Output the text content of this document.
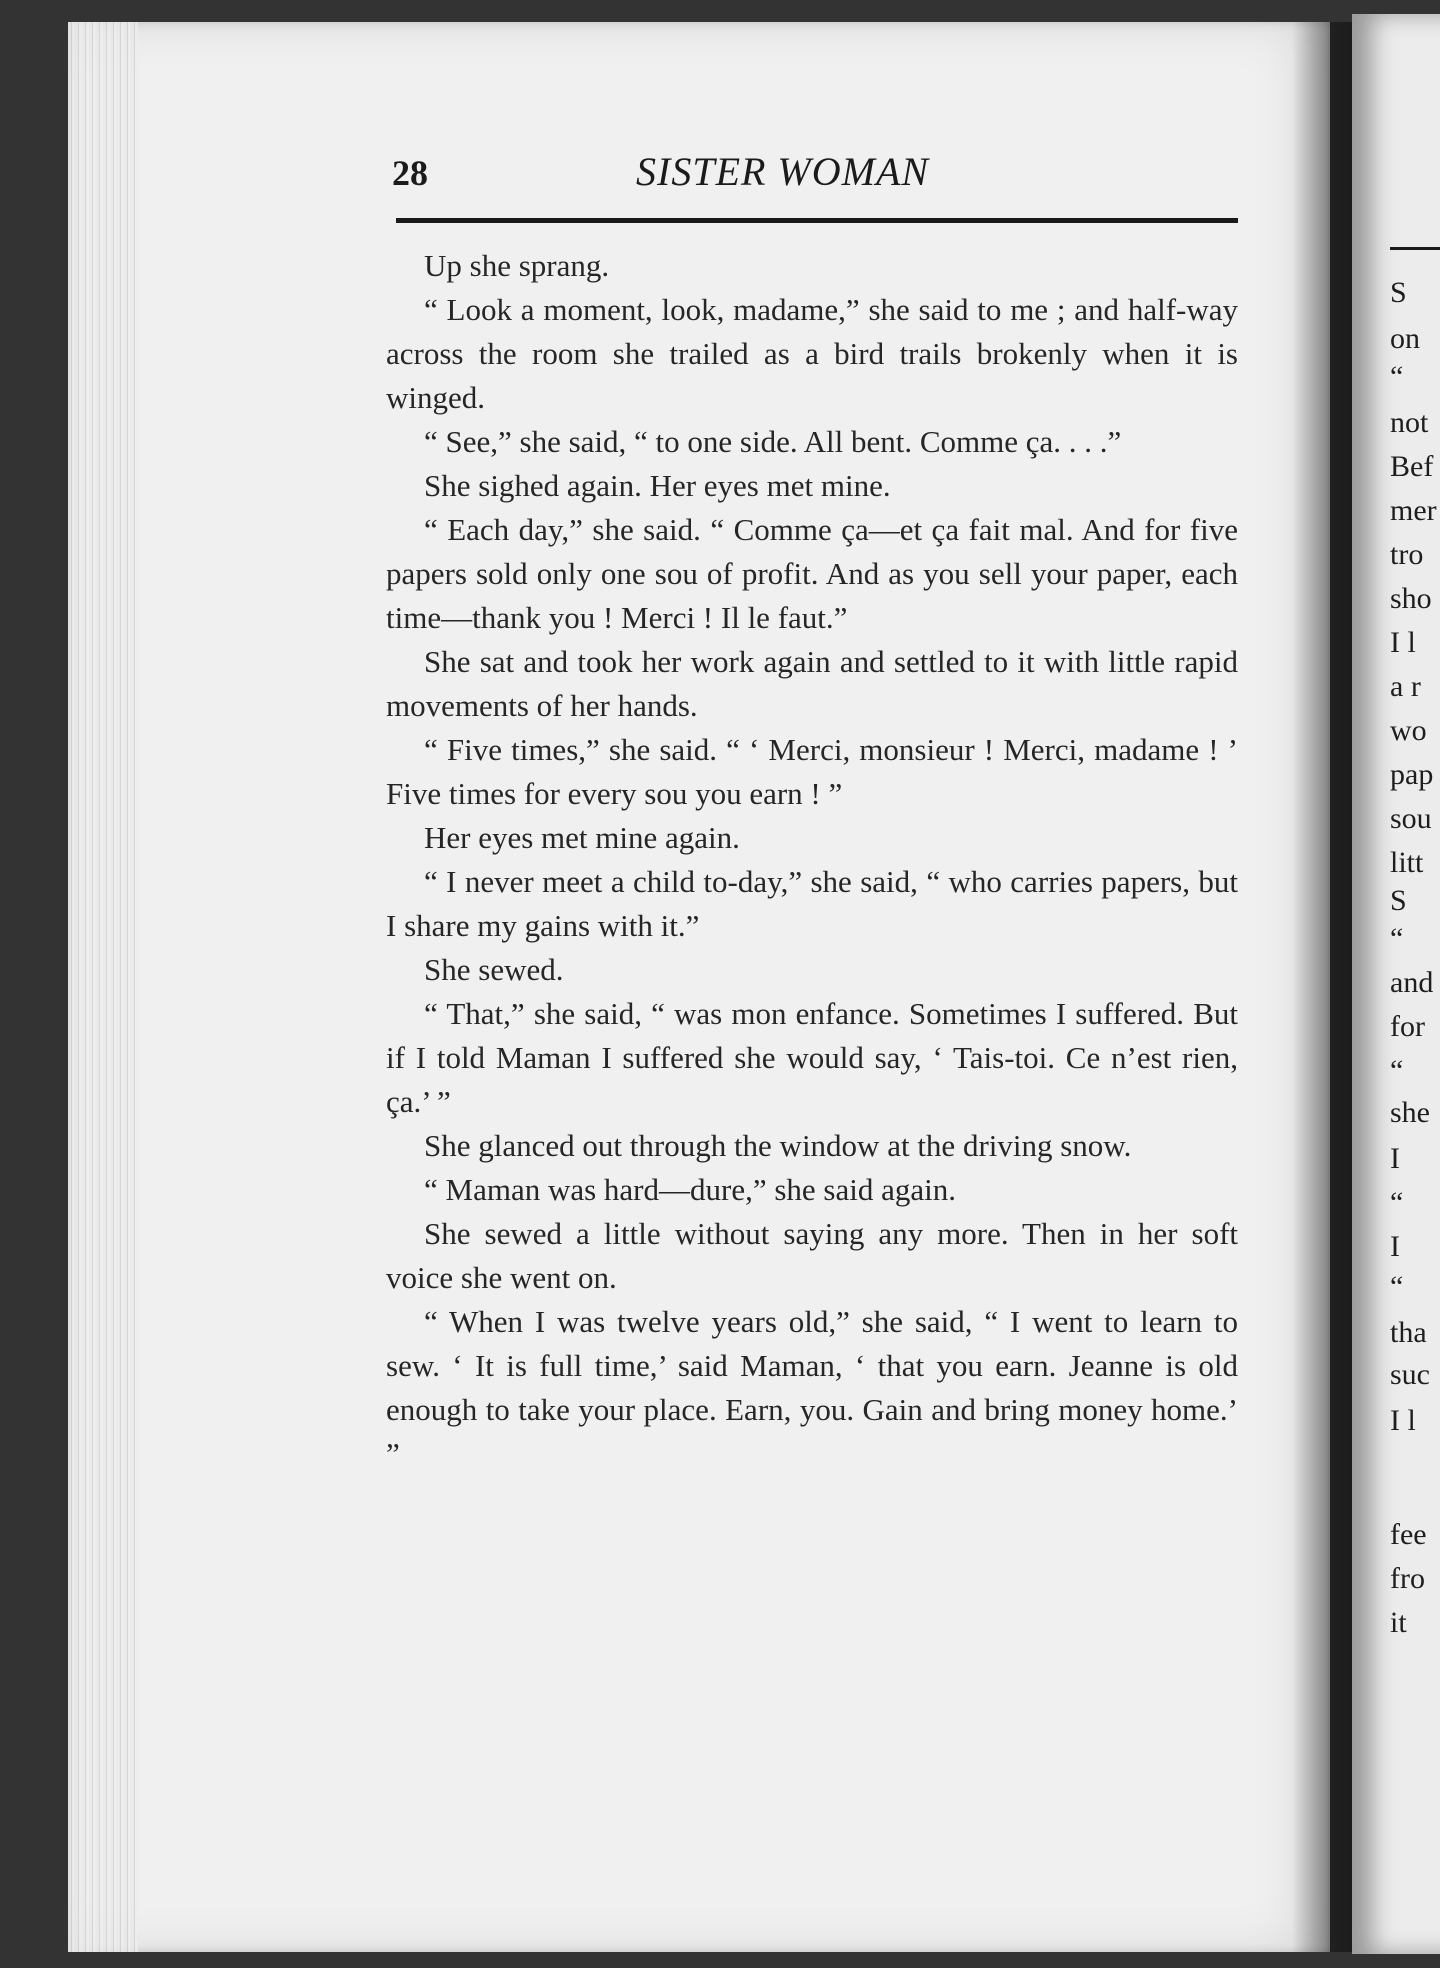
S
on
“
not
Bef
mer
tro
sho
I l
a r
wo
pap
sou
litt
S
“
and
for
“
she
I
“
I
“
tha
suc
I l
fee
fro
it
28	SISTER WOMAN

Up she sprang.

“ Look a moment, look, madame,” she said to me ; and half-way across the room she trailed as a bird trails brokenly when it is winged.

“ See,” she said, “ to one side. All bent. Comme ça. . . .”

She sighed again. Her eyes met mine.

“ Each day,” she said. “ Comme ça—et ça fait mal. And for five papers sold only one sou of profit. And as you sell your paper, each time—thank you ! Merci ! Il le faut.”

She sat and took her work again and settled to it with little rapid movements of her hands.

“ Five times,” she said. “ ‘ Merci, monsieur ! Merci, madame ! ’ Five times for every sou you earn ! ”

Her eyes met mine again.

“ I never meet a child to-day,” she said, “ who carries papers, but I share my gains with it.”

She sewed.

“ That,” she said, “ was mon enfance. Sometimes I suffered. But if I told Maman I suffered she would say, ‘ Tais-toi. Ce n’est rien, ça.’ ”

She glanced out through the window at the driving snow.

“ Maman was hard—dure,” she said again.

She sewed a little without saying any more. Then in her soft voice she went on.

“ When I was twelve years old,” she said, “ I went to learn to sew. ‘ It is full time,’ said Maman, ‘ that you earn. Jeanne is old enough to take your place. Earn, you. Gain and bring money home.’ ”
